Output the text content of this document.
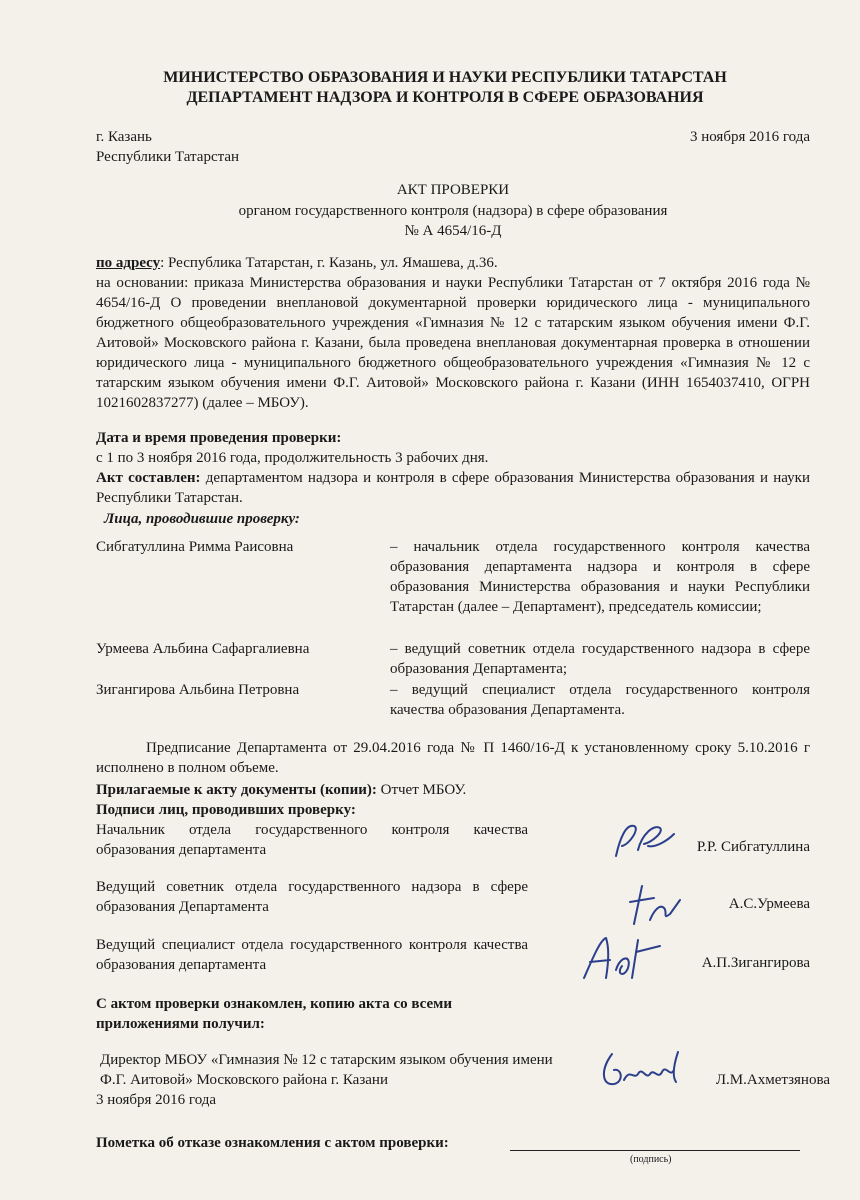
МИНИСТЕРСТВО ОБРАЗОВАНИЯ И НАУКИ РЕСПУБЛИКИ ТАТАРСТАН

ДЕПАРТАМЕНТ НАДЗОРА И КОНТРОЛЯ В СФЕРЕ ОБРАЗОВАНИЯ

г. Казань

Республики Татарстан

3 ноября 2016 года

АКТ ПРОВЕРКИ

органом государственного контроля (надзора) в сфере образования

№ А 4654/16-Д

по адресу: Республика Татарстан, г. Казань, ул. Ямашева, д.36.

на основании: приказа Министерства образования и науки Республики Татарстан от 7 октября 2016 года № 4654/16-Д О проведении внеплановой документарной проверки юридического лица - муниципального бюджетного общеобразовательного учреждения «Гимназия № 12 с татарским языком обучения имени Ф.Г. Аитовой» Московского района г. Казани, была проведена внеплановая документарная проверка в отношении юридического лица - муниципального бюджетного общеобразовательного учреждения «Гимназия № 12 с татарским языком обучения имени Ф.Г. Аитовой» Московского района г. Казани (ИНН 1654037410, ОГРН 1021602837277) (далее – МБОУ).

Дата и время проведения проверки:

с 1 по 3 ноября 2016 года, продолжительность 3 рабочих дня.

Акт составлен: департаментом надзора и контроля в сфере образования Министерства образования и науки Республики Татарстан.

Лица, проводившие проверку:

Сибгатуллина Римма Раисовна	– начальник отдела государственного контроля качества образования департамента надзора и контроля в сфере образования Министерства образования и науки Республики Татарстан (далее – Департамент), председатель комиссии;

Урмеева Альбина Сафаргалиевна	– ведущий советник отдела государственного надзора в сфере образования Департамента;

Зигангирова Альбина Петровна	– ведущий специалист отдела государственного контроля качества образования Департамента.

Предписание Департамента от 29.04.2016 года № П 1460/16-Д к установленному сроку 5.10.2016 г исполнено в полном объеме.

Прилагаемые к акту документы (копии): Отчет МБОУ.

Подписи лиц, проводивших проверку:

Начальник отдела государственного контроля качества образования департамента	Р.Р. Сибгатуллина

Ведущий советник отдела государственного надзора в сфере образования Департамента	А.С.Урмеева

Ведущий специалист отдела государственного контроля качества образования департамента	А.П.Зигангирова

С актом проверки ознакомлен, копию акта со всеми приложениями получил:

Директор МБОУ «Гимназия № 12 с татарским языком обучения имени Ф.Г. Аитовой» Московского района г. Казани	Л.М.Ахметзянова

3 ноября 2016 года

Пометка об отказе ознакомления с актом проверки:

(подпись)
